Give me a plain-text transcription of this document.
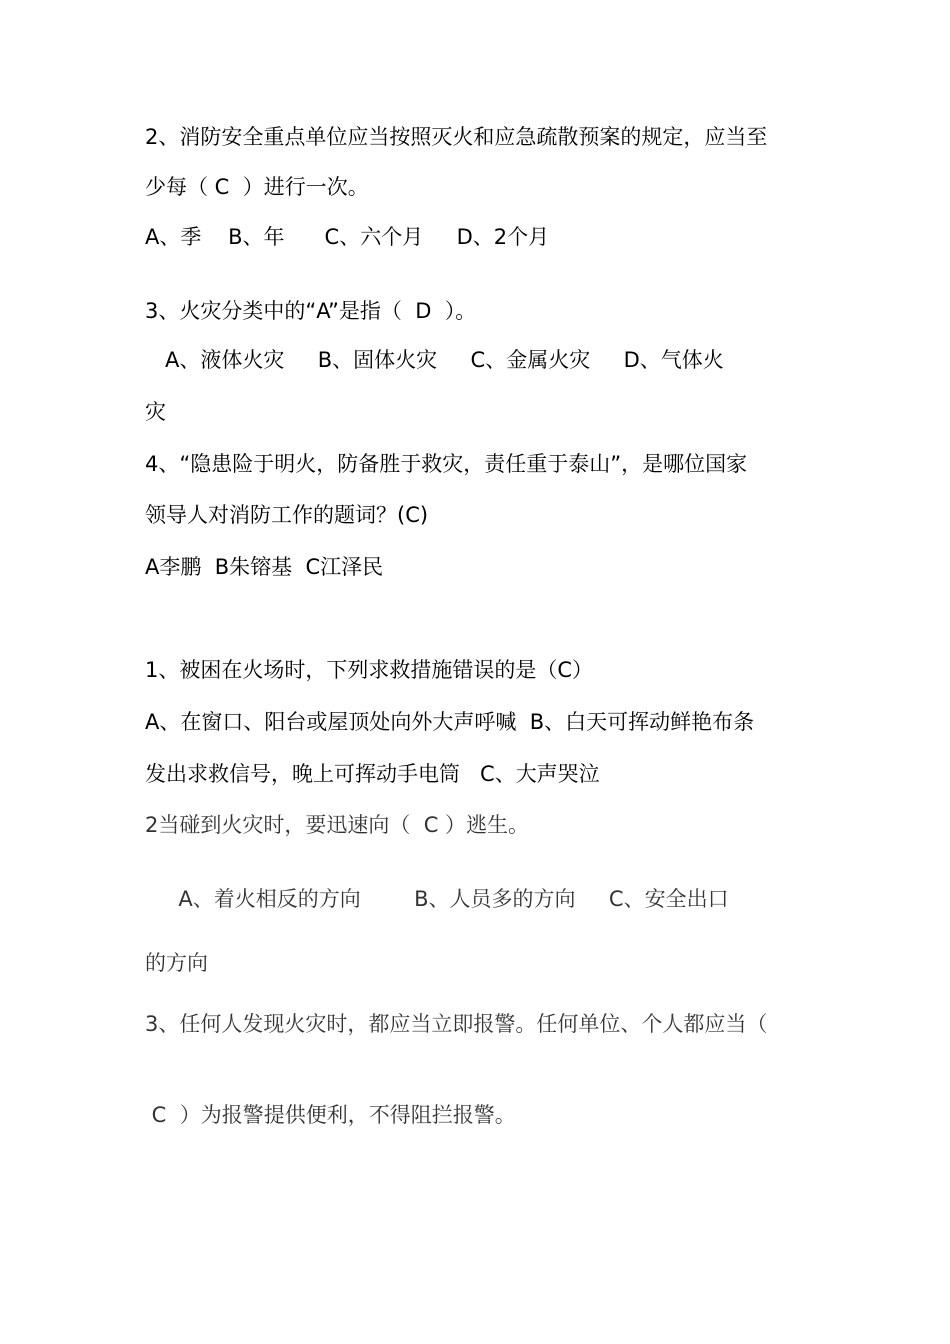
2、消防安全重点单位应当按照灭火和应急疏散预案的规定，应当至
少每（ C  ）进行一次。
A、季    B、年      C、六个月     D、2个月
3、火灾分类中的“A”是指（  D  ）。
A、液体火灾     B、固体火灾     C、金属火灾     D、气体火
灾
4、“隐患险于明火，防备胜于救灾，责任重于泰山”，是哪位国家
领导人对消防工作的题词？(C)
A李鹏  B朱镕基  C江泽民
1、被困在火场时，下列求救措施错误的是（C）
A、在窗口、阳台或屋顶处向外大声呼喊  B、白天可挥动鲜艳布条
发出求救信号，晚上可挥动手电筒   C、大声哭泣
2当碰到火灾时，要迅速向（  C ）逃生。
A、着火相反的方向        B、人员多的方向     C、安全出口
的方向
3、任何人发现火灾时，都应当立即报警。任何单位、个人都应当（
C  ）为报警提供便利，不得阻拦报警。
